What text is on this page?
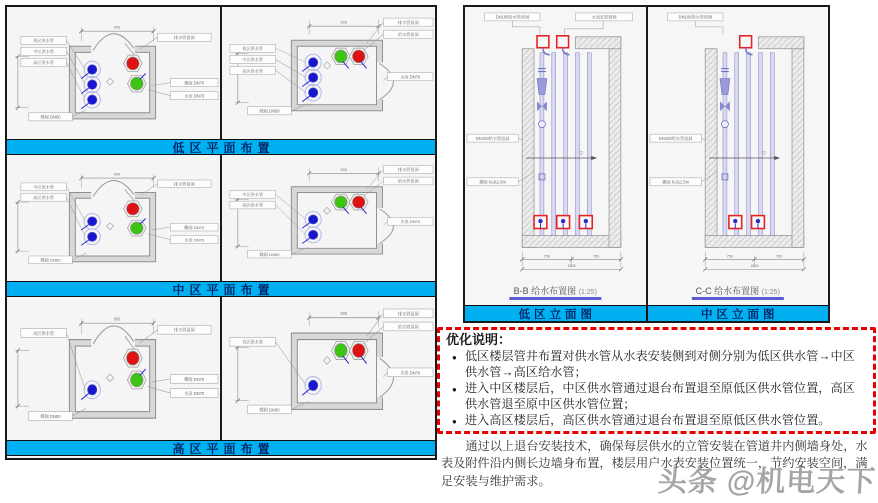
900
低区供水管
中区供水管
高区供水管
排水管留洞
蝶阀 DN70
水表 DN70
蝶阀 DN50
900
低区供水管
中区供水管
高区供水管
排水管留洞
给水管留洞
水表 DN70
蝶阀 DN50
低区平面布置
900
中区供水管
高区供水管
排水管留洞
蝶阀 DN70
水表 DN70
蝶阀 DN50
900
中区供水管
高区供水管
排水管留洞
给水管留洞
水表 DN70
蝶阀 DN50
中区平面布置
900
高区供水管
排水管留洞
蝶阀 DN70
水表 DN70
蝶阀 DN50
900
高区供水管
排水管留洞
给水管留洞
水表 DN70
蝶阀 DN50
高区平面布置
▽
750	750
1500
DN100给水管留洞	水表安装留洞
DN100给水管留洞
蝶阀 标高1.5m
B-B 给水布置图 (1:25)
▽
750	750
1500
DN100给水管留洞
DN100给水管留洞
蝶阀 标高1.5m
C-C 给水布置图 (1:25)
低区立面图	中区立面图
优化说明：
● 低区楼层管井布置对供水管从水表安装侧到对侧分别为低区供水管→中区供水管→高区给水管；
● 进入中区楼层后，中区供水管通过退台布置退至原低区供水管位置，高区供水管退至原中区供水管位置；
● 进入高区楼层后，高区供水管通过退台布置退至原低区供水管位置。
通过以上退台安装技术，确保每层供水的立管安装在管道井内侧墙身处，水表及附件沿内侧长边墙身布置，楼层用户水表安装位置统一，节约安装空间，满足安装与维护需求。	头条 @机电天下
